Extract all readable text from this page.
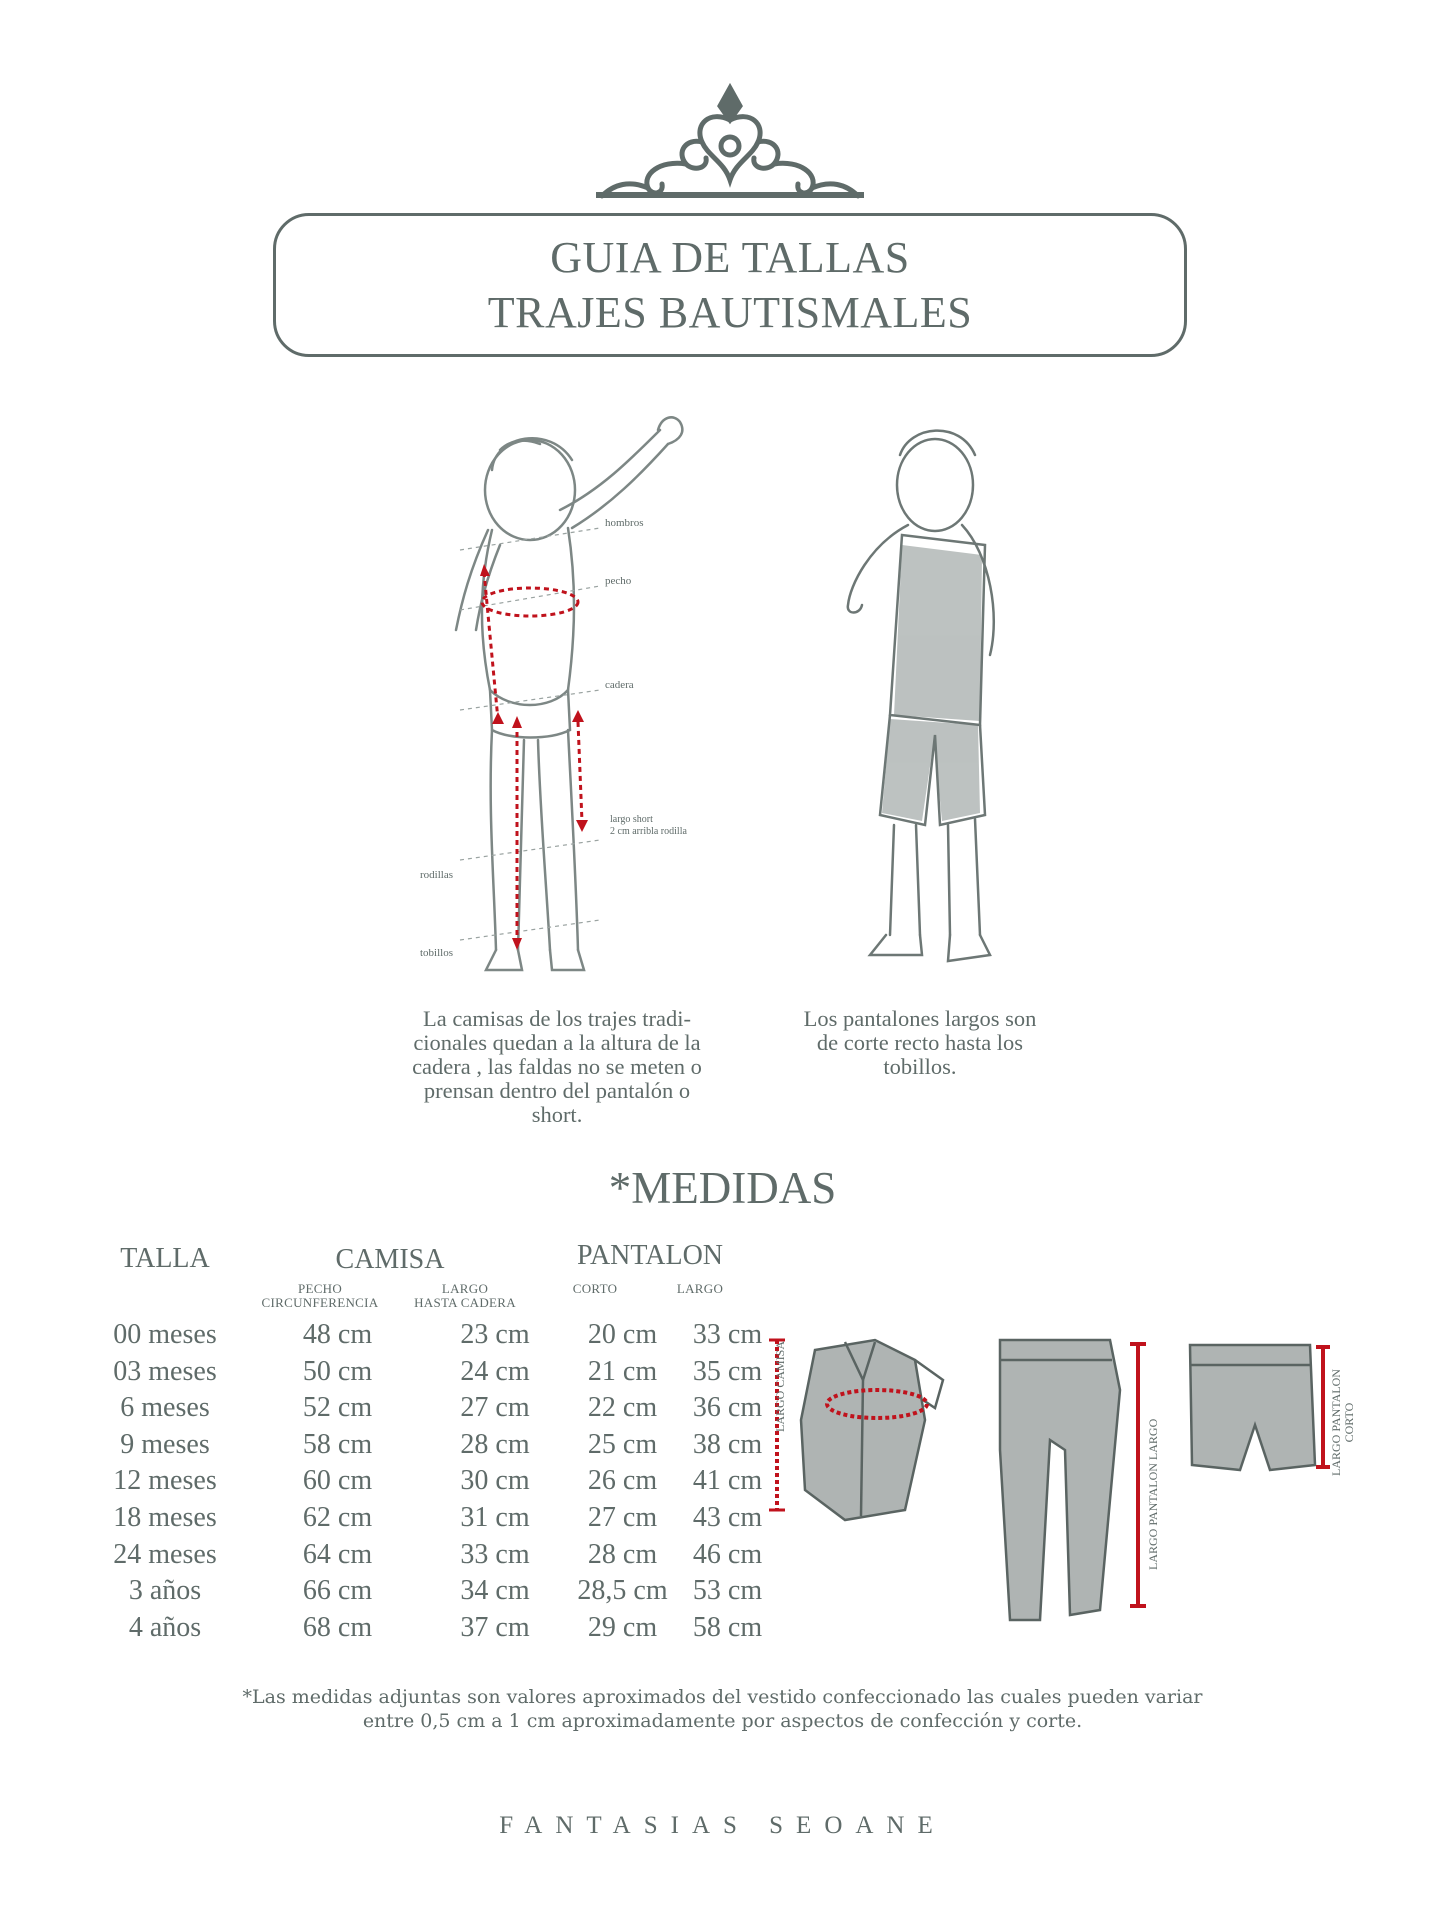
GUIA DE TALLAS
TRAJES BAUTISMALES
hombros
pecho
cadera
largo short
2 cm arribla rodilla
rodillas
tobillos
La camisas de los trajes tradi-
cionales quedan a la altura de la
cadera , las faldas no se meten o
prensan dentro del pantalón o
short.
Los pantalones largos son
de corte recto hasta los
tobillos.
*MEDIDAS
TALLA	CAMISA	PANTALON
PECHO
CIRCUNFERENCIA
LARGO
HASTA CADERA
CORTO	LARGO
00 meses	48 cm	23 cm	20 cm	33 cm
03 meses	50 cm	24 cm	21 cm	35 cm
6 meses	52 cm	27 cm	22 cm	36 cm
9 meses	58 cm	28 cm	25 cm	38 cm
12 meses	60 cm	30 cm	26 cm	41 cm
18 meses	62 cm	31 cm	27 cm	43 cm
24 meses	64 cm	33 cm	28 cm	46 cm
3 años	66 cm	34 cm	28,5 cm 53 cm
4 años	68 cm	37 cm	29 cm	58 cm
LARGO CAMISA
LARGO PANTALON LARGO	LARGO PANTALON CORTO
*Las medidas adjuntas son valores aproximados del vestido confeccionado las cuales pueden variar
entre 0,5 cm a 1 cm aproximadamente por aspectos de confección y corte.
FANTASIAS SEOANE
